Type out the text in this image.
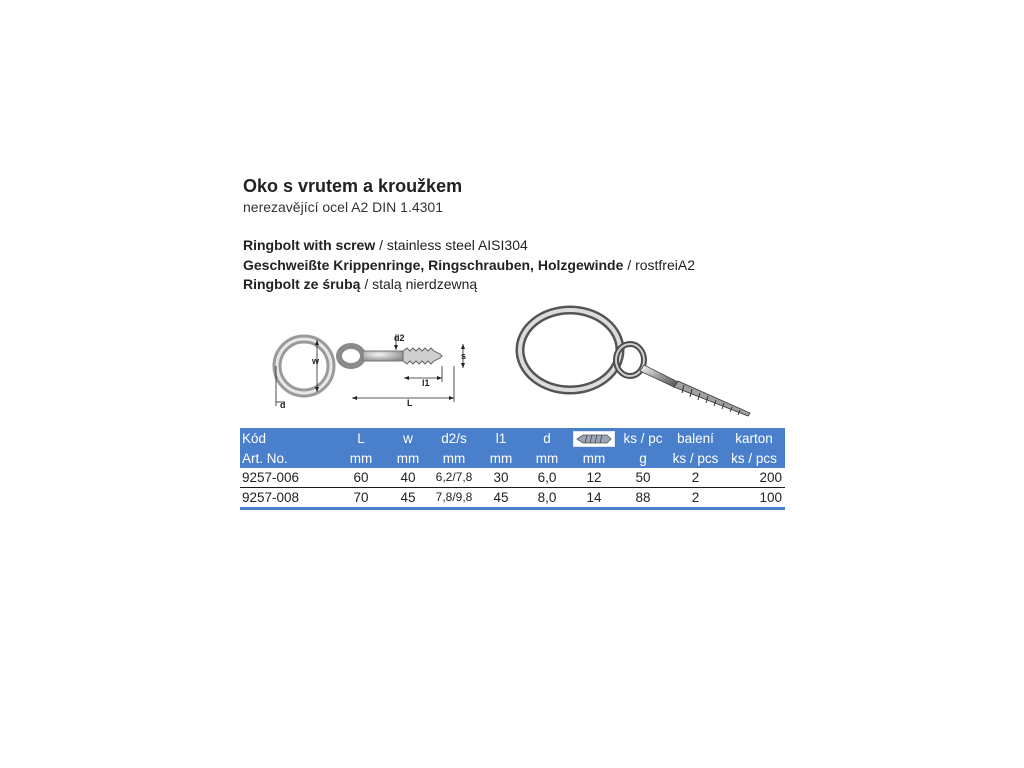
Oko s vrutem a kroužkem
nerezavějící ocel A2 DIN 1.4301
Ringbolt with screw / stainless steel AISI304
Geschweißte Krippenringe, Ringschrauben, Holzgewinde / rostfreiA2
Ringbolt ze śrubą / stalą nierdzewną
d2
w	s
l1
L
d
Kód	L	w	d2/s	l1	d		ks / pc	balení	karton
Art. No.	mm	mm	mm	mm	mm	mm	g	ks / pcs	ks / pcs
9257-006	60	40	6,2/7,8	30	6,0	12	50	2	200
9257-008	70	45	7,8/9,8	45	8,0	14	88	2	100
